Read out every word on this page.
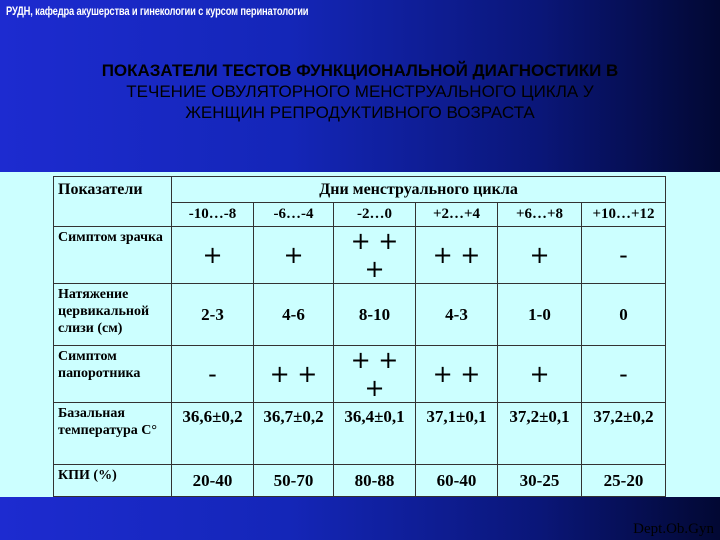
РУДН, кафедра акушерства и гинекологии с курсом перинатологии
ПОКАЗАТЕЛИ ТЕСТОВ ФУНКЦИОНАЛЬНОЙ ДИАГНОСТИКИ В
ТЕЧЕНИЕ ОВУЛЯТОРНОГО МЕНСТРУАЛЬНОГО ЦИКЛА У
ЖЕНЩИН РЕПРОДУКТИВНОГО ВОЗРАСТА
Показатели	Дни менструального цикла					
	-10…-8	-6…-4	-2…0	+2…+4	+6…+8	+10…+12
Симптом зрачка	+	+	+ + +	+ +	+	-
Натяжение цервикальной слизи (см)	2-3	4-6	8-10	4-3	1-0	0
Симптом папоротника	-	+ +	+ + +	+ +	+	-
Базальная температура С°	36,6±0,2	36,7±0,2	36,4±0,1	37,1±0,1	37,2±0,1	37,2±0,2
КПИ (%)	20-40	50-70	80-88	60-40	30-25	25-20
Dept.Ob.Gyn
